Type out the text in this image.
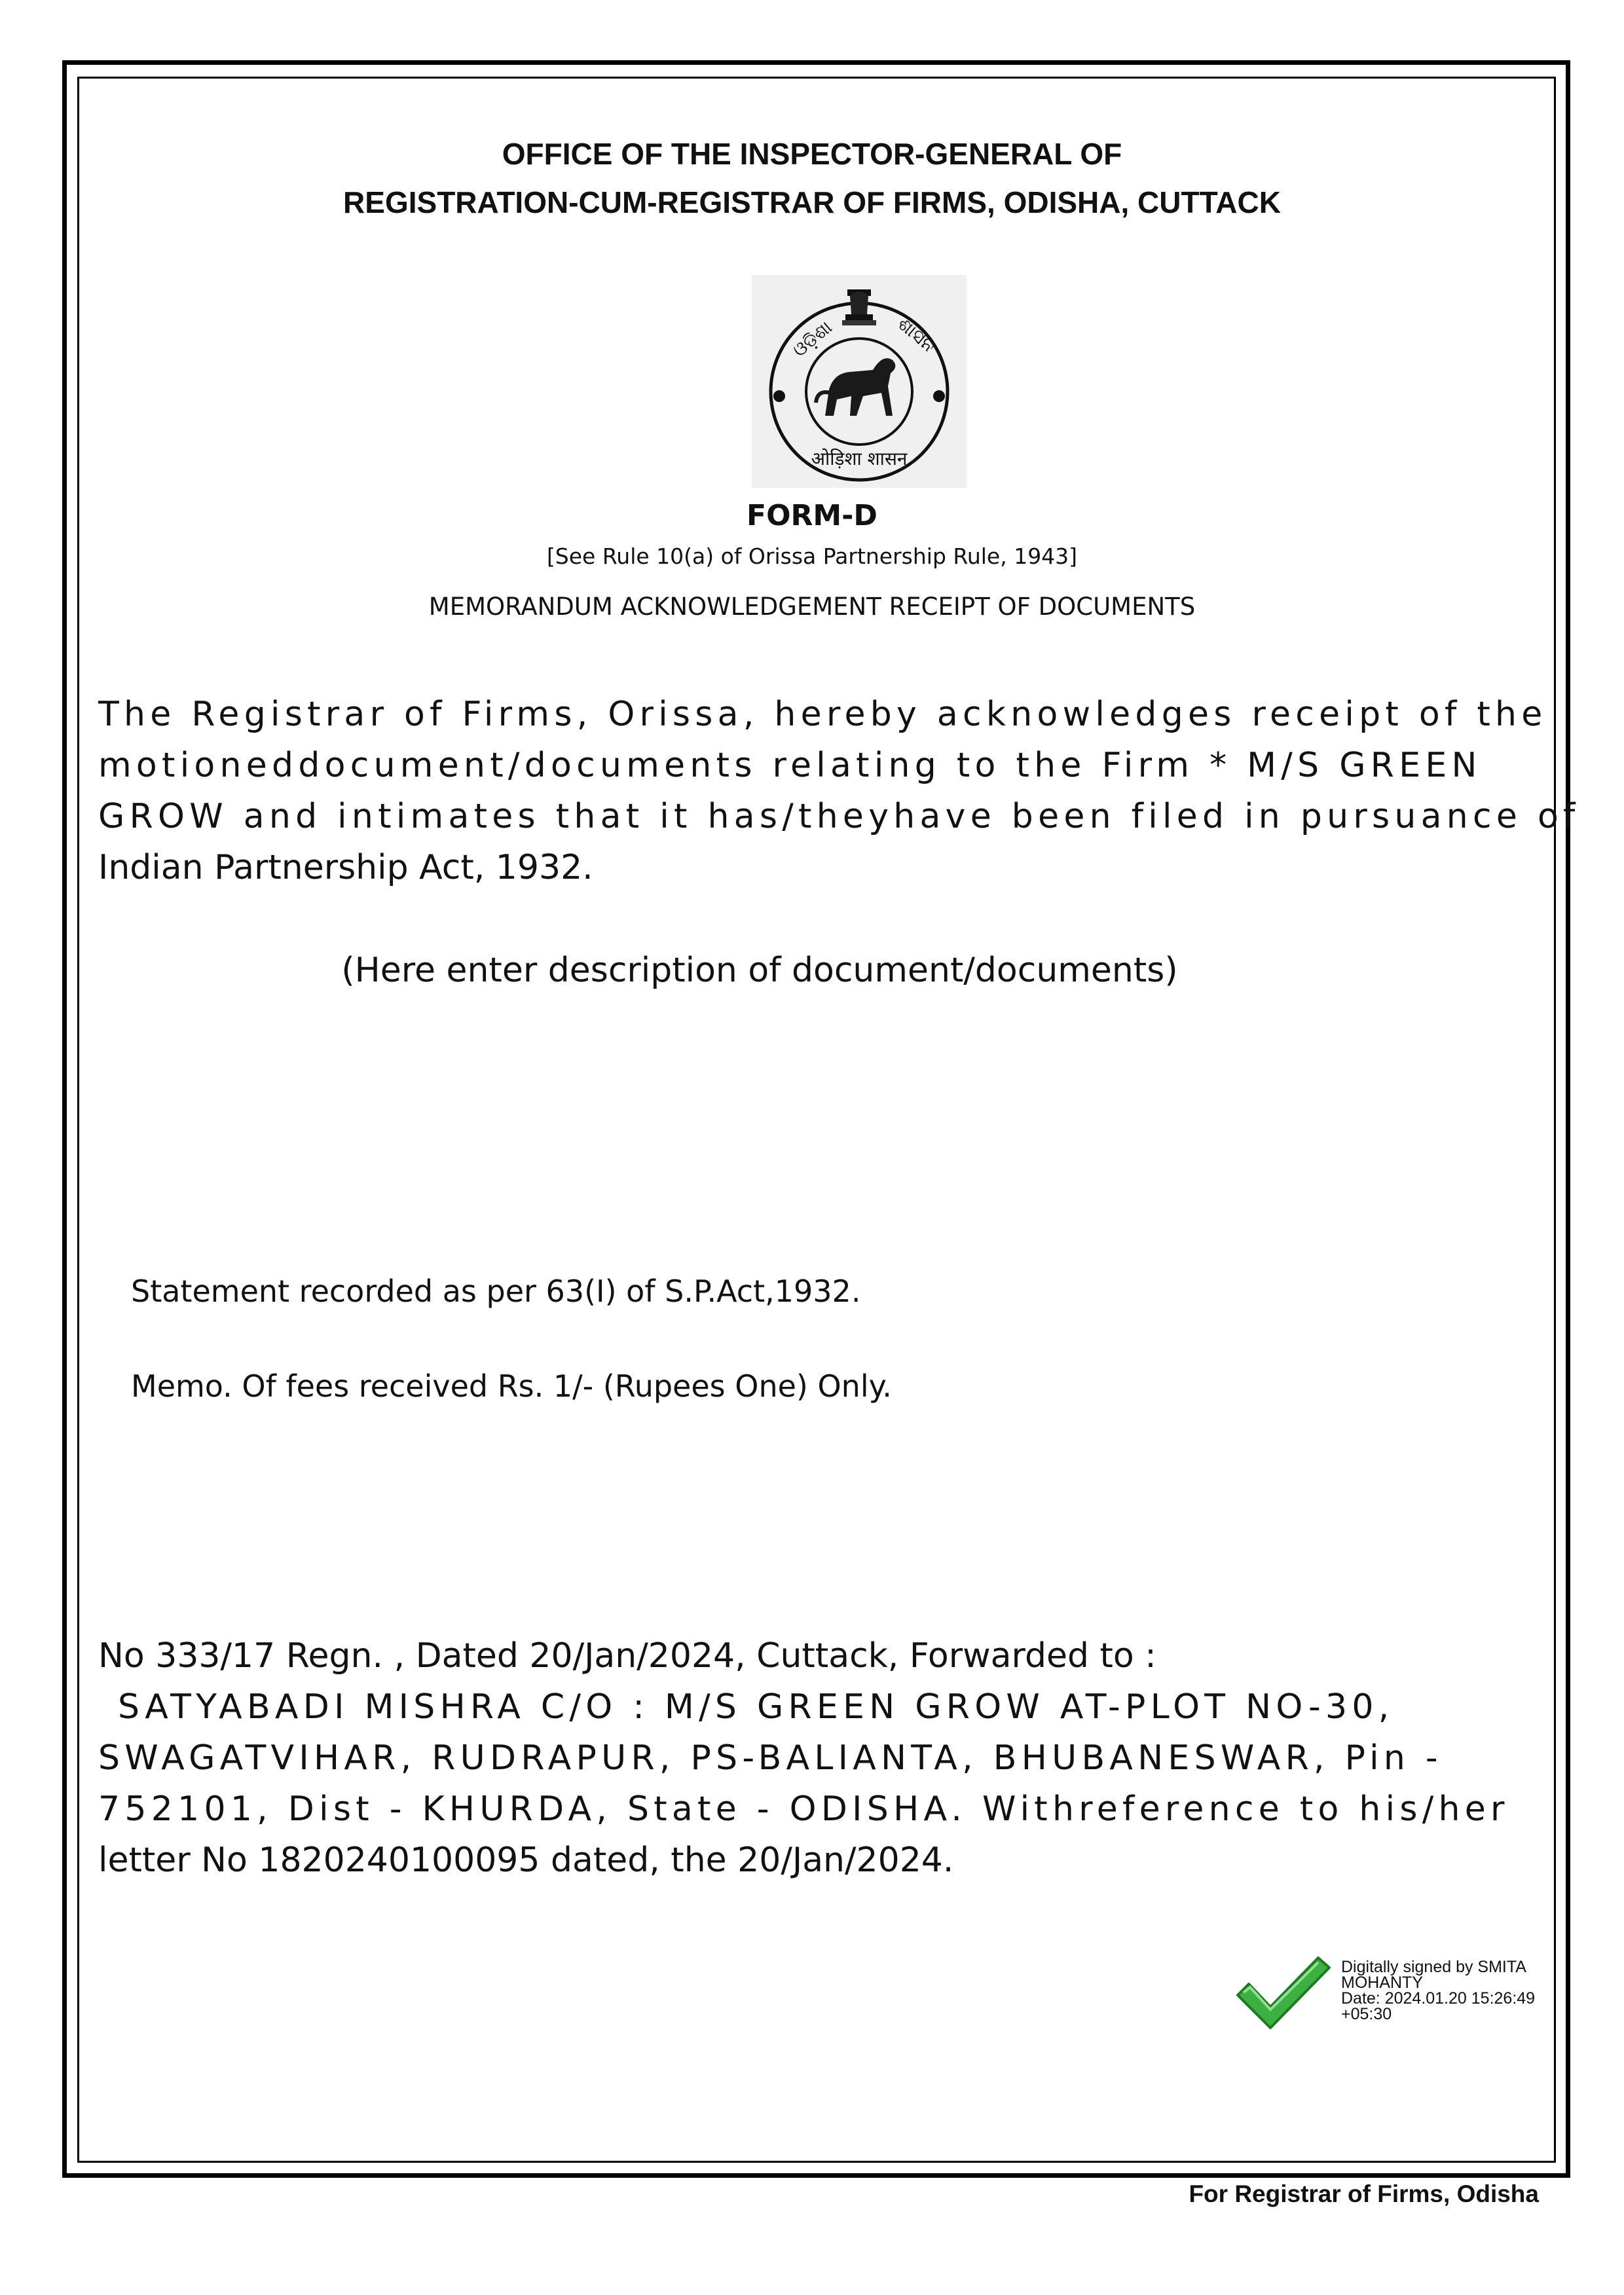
OFFICE OF THE INSPECTOR-GENERAL OF
REGISTRATION-CUM-REGISTRAR OF FIRMS, ODISHA, CUTTACK
ଓଡ଼ିଶା	ଶାସନ
ओड़िशा शासन
FORM-D
[See Rule 10(a) of Orissa Partnership Rule, 1943]
MEMORANDUM ACKNOWLEDGEMENT RECEIPT OF DOCUMENTS
The Registrar of Firms, Orissa, hereby acknowledges receipt of the
motioneddocument/documents relating to the Firm * M/S GREEN
GROW and intimates that it has/theyhave been filed in pursuance of
Indian Partnership Act, 1932.
(Here enter description of document/documents)
Statement recorded as per 63(I) of S.P.Act,1932.
Memo. Of fees received Rs. 1/- (Rupees One) Only.
No 333/17 Regn. , Dated 20/Jan/2024, Cuttack, Forwarded to :
SATYABADI MISHRA C/O : M/S GREEN GROW AT-PLOT NO-30,
SWAGATVIHAR, RUDRAPUR, PS-BALIANTA, BHUBANESWAR, Pin -
752101, Dist - KHURDA, State - ODISHA. Withreference to his/her
letter No 1820240100095 dated, the 20/Jan/2024.
Digitally signed by SMITA
MOHANTY
Date: 2024.01.20 15:26:49
+05:30
For Registrar of Firms, Odisha
